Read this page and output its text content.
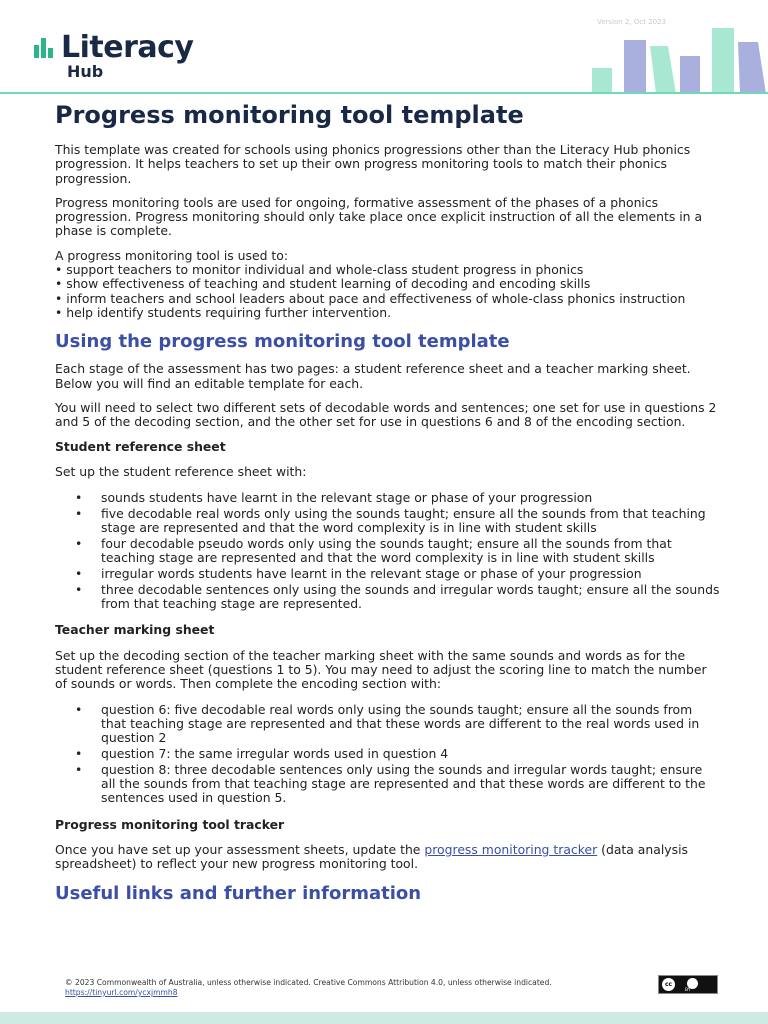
Literacy
Hub
Version 2, Oct 2023
Progress monitoring tool template

This template was created for schools using phonics progressions other than the Literacy Hub phonics progression. It helps teachers to set up their own progress monitoring tools to match their phonics progression.

Progress monitoring tools are used for ongoing, formative assessment of the phases of a phonics progression. Progress monitoring should only take place once explicit instruction of all the elements in a phase is complete.

A progress monitoring tool is used to:

• support teachers to monitor individual and whole-class student progress in phonics

• show effectiveness of teaching and student learning of decoding and encoding skills

• inform teachers and school leaders about pace and effectiveness of whole-class phonics instruction

• help identify students requiring further intervention.

Using the progress monitoring tool template

Each stage of the assessment has two pages: a student reference sheet and a teacher marking sheet. Below you will find an editable template for each.

You will need to select two different sets of decodable words and sentences; one set for use in questions 2 and 5 of the decoding section, and the other set for use in questions 6 and 8 of the encoding section.

Student reference sheet

Set up the student reference sheet with:

• sounds students have learnt in the relevant stage or phase of your progression
• five decodable real words only using the sounds taught; ensure all the sounds from that teaching stage are represented and that the word complexity is in line with student skills
• four decodable pseudo words only using the sounds taught; ensure all the sounds from that teaching stage are represented and that the word complexity is in line with student skills
• irregular words students have learnt in the relevant stage or phase of your progression
• three decodable sentences only using the sounds and irregular words taught; ensure all the sounds from that teaching stage are represented.
Teacher marking sheet

Set up the decoding section of the teacher marking sheet with the same sounds and words as for the student reference sheet (questions 1 to 5). You may need to adjust the scoring line to match the number of sounds or words. Then complete the encoding section with:

• question 6: five decodable real words only using the sounds taught; ensure all the sounds from that teaching stage are represented and that these words are different to the real words used in question 2
• question 7: the same irregular words used in question 4
• question 8: three decodable sentences only using the sounds and irregular words taught; ensure all the sounds from that teaching stage are represented and that these words are different to the sentences used in question 5.
Progress monitoring tool tracker

Once you have set up your assessment sheets, update the progress monitoring tracker (data analysis spreadsheet) to reflect your new progress monitoring tool.

Useful links and further information
© 2023 Commonwealth of Australia, unless otherwise indicated. Creative Commons Attribution 4.0, unless otherwise indicated.
https://tinyurl.com/ycxjmmh8
cc
BY
